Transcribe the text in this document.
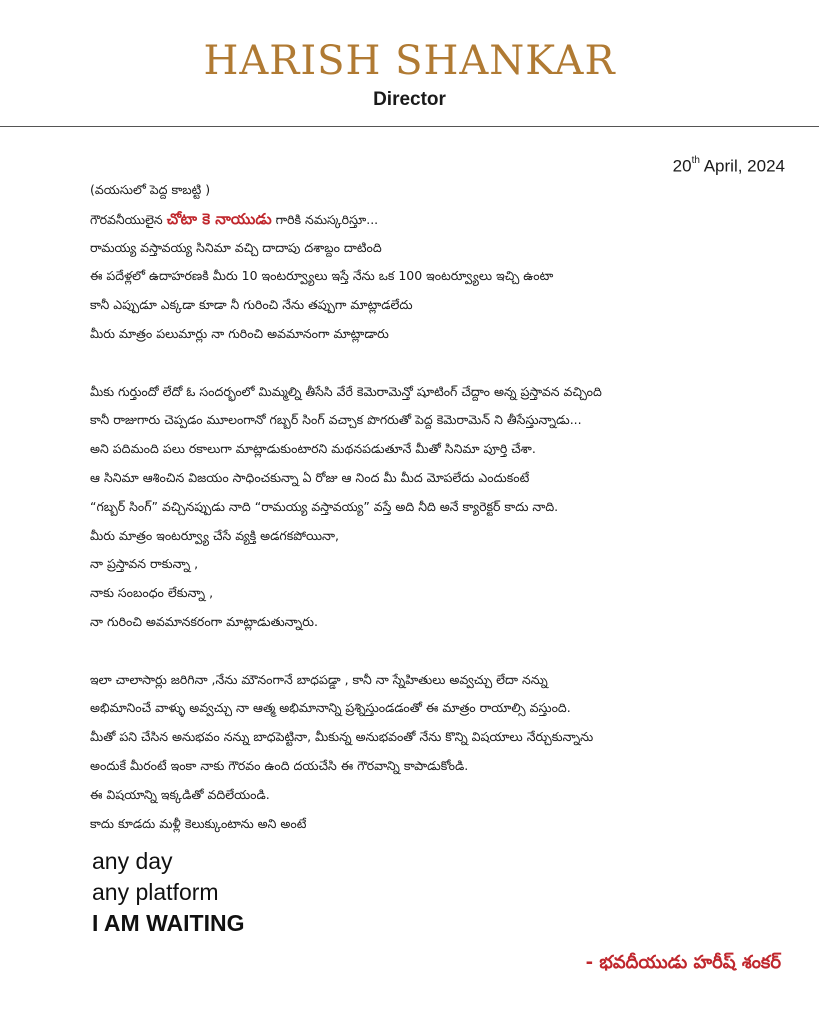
HARISH SHANKAR
Director
20th April, 2024
(వయసులో పెద్ద కాబట్టి )
గౌరవనీయులైన చోటా కె నాయుడు గారికి నమస్కరిస్తూ...
రామయ్య వస్తావయ్య సినిమా వచ్చి దాదాపు దశాబ్దం దాటింది
ఈ పదేళ్లలో ఉదాహరణకి మీరు 10 ఇంటర్వ్యూలు ఇస్తే నేను ఒక 100 ఇంటర్వ్యూలు ఇచ్చి ఉంటా
కానీ ఎప్పుడూ ఎక్కడా కూడా నీ గురించి నేను తప్పుగా మాట్లాడలేదు
మీరు మాత్రం పలుమార్లు నా గురించి అవమానంగా మాట్లాడారు
మీకు గుర్తుందో లేదో ఓ సందర్భంలో మిమ్మల్ని తీసేసి వేరే కెమెరామెన్తో షూటింగ్ చేద్దాం అన్న ప్రస్తావన వచ్చింది
కానీ రాజుగారు చెప్పడం మూలంగానో గబ్బర్ సింగ్ వచ్చాక పొగరుతో పెద్ద కెమెరామెన్ ని తీసేస్తున్నాడు...
అని పదిమంది పలు రకాలుగా మాట్లాడుకుంటారని మథనపడుతూనే మీతో సినిమా పూర్తి చేశా.
ఆ సినిమా ఆశించిన విజయం సాధించకున్నా ఏ రోజు ఆ నింద మీ మీద మోపలేదు ఎందుకంటే
“గబ్బర్ సింగ్” వచ్చినప్పుడు నాది “రామయ్య వస్తావయ్య” వస్తే అది నీది అనే క్యారెక్టర్ కాదు నాది.
మీరు మాత్రం ఇంటర్వ్యూ చేసే వ్యక్తి అడగకపోయినా,
నా ప్రస్తావన రాకున్నా ,
నాకు సంబంధం లేకున్నా ,
నా గురించి అవమానకరంగా మాట్లాడుతున్నారు.
ఇలా చాలాసార్లు జరిగినా ,నేను మౌనంగానే బాధపడ్డా , కానీ నా స్నేహితులు అవ్వచ్చు లేదా నన్ను
అభిమానించే వాళ్ళు అవ్వచ్చు నా ఆత్మ అభిమానాన్ని ప్రశ్నిస్తుండడంతో ఈ మాత్రం రాయాల్సి వస్తుంది.
మీతో పని చేసిన అనుభవం నన్ను బాధపెట్టినా, మీకున్న అనుభవంతో నేను కొన్ని విషయాలు నేర్చుకున్నాను
అందుకే మీరంటే ఇంకా నాకు గౌరవం ఉంది దయచేసి ఈ గౌరవాన్ని కాపాడుకోండి.
ఈ విషయాన్ని ఇక్కడితో వదిలేయండి.
కాదు కూడదు మళ్లీ కెలుక్కుంటాను అని అంటే
any day
any platform
I AM WAITING
- భవదీయుడు హరీష్ శంకర్
